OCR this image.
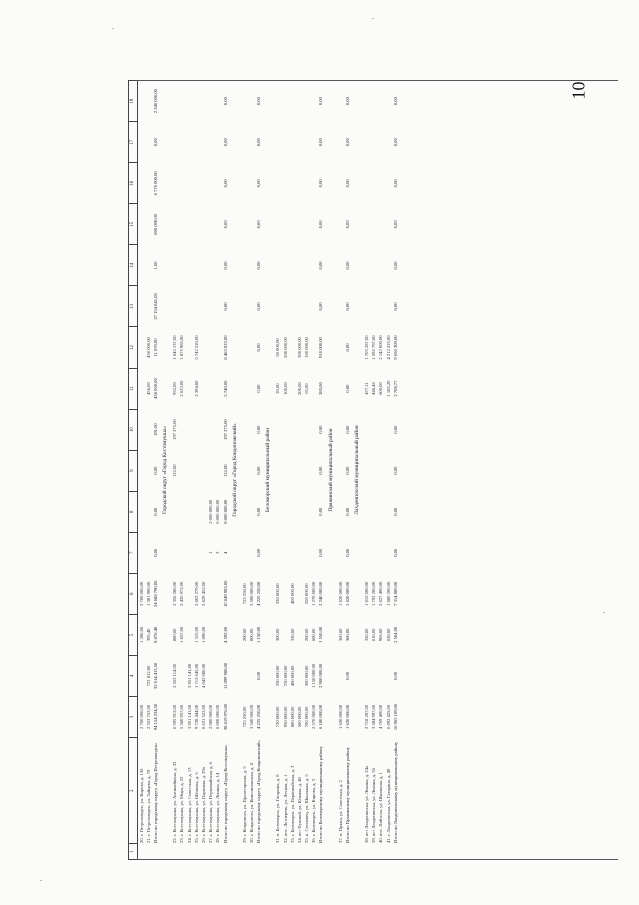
10
1	2	3	4	5	6	7	8	9	10	11	12	13	14	15	16	17	18
	20. г. Петрозаводск, ул. Кирова, д. 13б	2 700 000,00		1 200,00	2 700 000,00												
	21. г. Петрозаводск, ул. Зайцева, д. 79	2 553 752,00	721 812,00	395,40	1 381 900,00					456,00	456 000,00						
	Итого по городскому округу «Город Петрозаводск»	94 154 234,50	32 014 413,50	8 876,40	24 688 790,00	0,00	0,00	0,00	191,00	436 000,00	11 070,00	27 154 841,00	1,00	800 000,00	6 776 000,00	0,00	2 240 000,00
Городской округ «Город Костомукша»																	
	22. г. Костомукша, ул. Антикайнена, д. 32	6 595 912,00	2 553 114,00	880,00	2 356 280,00			112,00	197 275,00	932,00	1 645 137,00						
	23. г. Костомукша, ул. Мира, д. 22	5 560 957,00		1 657,00	2 435 972,00					2 623,00	1 875 985,00						
	24. г. Костомукша, ул. Советская, д. 13	3 951 141,00	3 951 141,00														
	25. г. Костомукша, ул. Шёлкова, д. 5	9 728 444,00	1 713 645,00	1 315,00	2 602 279,00					2 394,00	5 742 520,00						
	26. г. Костомукша, ул. Парковая, д. 29а	6 631 522,00	4 042 080,00	1 090,00	2 629 452,00												
	27. г. Костомукша, ул. Первомайская, д. 6	2 000 000,00				1	2 000 000,00										
	28. г. Костомукша, ул. Ленина, д. 14	6 000 000,00				3	6 000 000,00										
	Итого по городскому округу «Город Костомукша»	38 619 976,00	11 899 988,00	4 592,00	10 049 983,00	4	8 000 000,00	112,00	197 275,00	5 740,00	8 463 822,00	0,00	0,00	0,00	0,00	0,00	0,00
Городской округ «Город Кондопожский»																	
	29. г. Кондопога, ул. Пролетарская, д. 5	725 250,00		200,00	725 250,00												
	30. г. Кондопога, ул. Комсомольская, д. 4	3 500 000,00		800,00	3 500 000,00												
	Итого по городскому округу «Город Кондопожский»	4 225 250,00	0,00	1 150,00	4 225 250,00	0,00	0,00	0,00	0,00	0,00	0,00	0,00	0,00	0,00	0,00	0,00	0,00
Беломорский муниципальный район																	
	31. п. Беломорск, ул. Гагарина, д. 8	720 000,00	330 000,00	300,00	330 000,00					20,00	50 000,00						
	32. пос. Летнеречь, ул. Лесная, д. 1	950 000,00	750 000,00							100,00	200 000,00						
	33. г. Беломорск, ул. Первомайская, д. 3	800 000,00	400 000,00	330,00	400 000,00												
	34. пгт Пушной, ул. Южная, д. 40	500 000,00								200,00	300 000,00						
	35. п. Сосновец, ул. Школьная, д. 5	700 000,00	300 000,00	200,00	250 000,00					65,00	160 000,00						
	36. г. Беломорск, ул. Кирова, д. 3	2 570 000,00	1 150 000,00	600,00	1 270 000,00												
	Итого по Беломорскому муниципальному району	6 180 000,00	2 900 000,00	1 550,00	2 240 000,00	0,00	0,00	0,00	0,00	385,00	910 000,00	0,00	0,00	0,00	0,00	0,00	0,00
Пряжинский муниципальный район																	
	37. п. Пряжа, ул. Советская, д. 2	1 620 000,00		360,00	1 620 000,00												
	Итого по Пряжинскому муниципальному району	1 620 000,00	0,00	360,00	1 620 000,00	0,00	0,00	0,00	0,00	0,00	0,00	0,00	0,00	0,00	0,00	0,00	0,00
Лахденпохский муниципальный район																	
	38. пгт Лахденпохья, ул. Ленина, д. 24а	2 718 287,00		350,00	1 015 000,00					477,11	1 703 287,00						
	39. пгт Лахденпохья, ул. Ленина, д. 3б	3 384 997,00		610,00	1 792 200,00					446,46	1 592 797,00						
	40. пос. Хийтола, ул. Школьная, д. 1	4 769 400,00		906,00	2 627 400,00					600,00	2 142 000,00						
	41. г. Лахденпохья, ул. Гагарина, д. 49	6 092 425,00		638,00	1 880 200,00					1 185,20	4 212 225,00						
	Итого по Лахденпохскому муниципальному району	16 965 109,00	0,00	2 504,00	7 314 800,00	0,00	0,00	0,00	0,00	2 708,77	9 650 309,00	0,00	0,00	0,00	0,00	0,00	0,00
